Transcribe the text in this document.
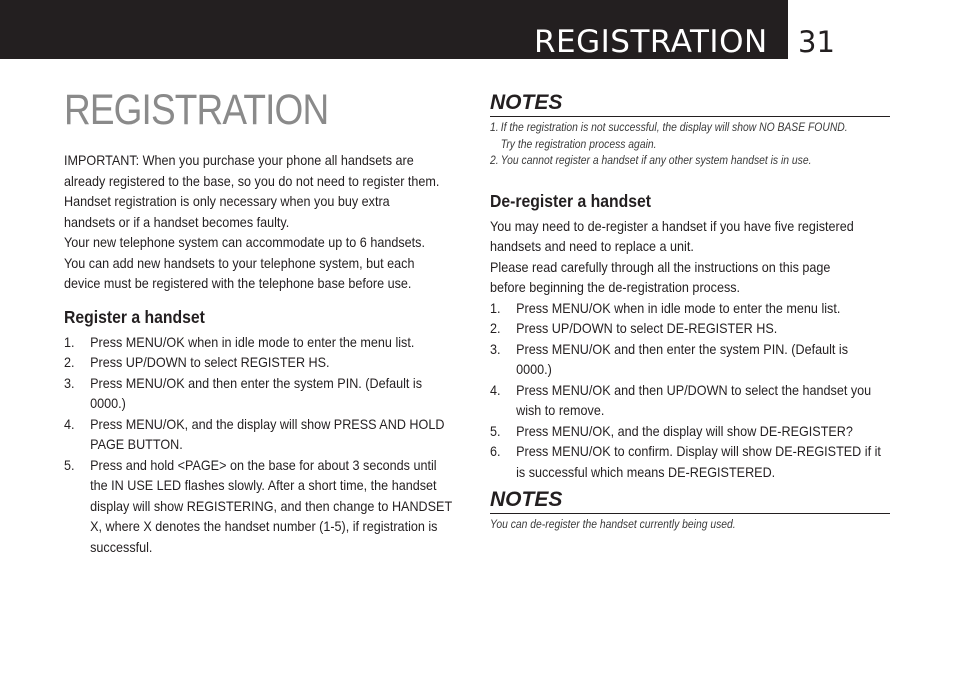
REGISTRATION 31
REGISTRATION

IMPORTANT: When you purchase your phone all handsets are

already registered to the base, so you do not need to register them.

Handset registration is only necessary when you buy extra

handsets or if a handset becomes faulty.

Your new telephone system can accommodate up to 6 handsets.

You can add new handsets to your telephone system, but each

device must be registered with the telephone base before use.

Register a handset
1. Press MENU/OK when in idle mode to enter the menu list.
2. Press UP/DOWN to select REGISTER HS.
3. Press MENU/OK and then enter the system PIN. (Default is
0000.)
4. Press MENU/OK, and the display will show PRESS AND HOLD
PAGE BUTTON.
5. Press and hold <PAGE> on the base for about 3 seconds until
the IN USE LED flashes slowly. After a short time, the handset
display will show REGISTERING, and then change to HANDSET
X, where X denotes the handset number (1-5), if registration is
successful.
NOTES
1. If the registration is not successful, the display will show NO BASE FOUND.
Try the registration process again.
2. You cannot register a handset if any other system handset is in use.
De-register a handset

You may need to de-register a handset if you have five registered

handsets and need to replace a unit.

Please read carefully through all the instructions on this page

before beginning the de-registration process.

1. Press MENU/OK when in idle mode to enter the menu list.
2. Press UP/DOWN to select DE-REGISTER HS.
3. Press MENU/OK and then enter the system PIN. (Default is
0000.)
4. Press MENU/OK and then UP/DOWN to select the handset you
wish to remove.
5. Press MENU/OK, and the display will show DE-REGISTER?
6. Press MENU/OK to confirm. Display will show DE-REGISTED if it
is successful which means DE-REGISTERED.
NOTES
You can de-register the handset currently being used.
